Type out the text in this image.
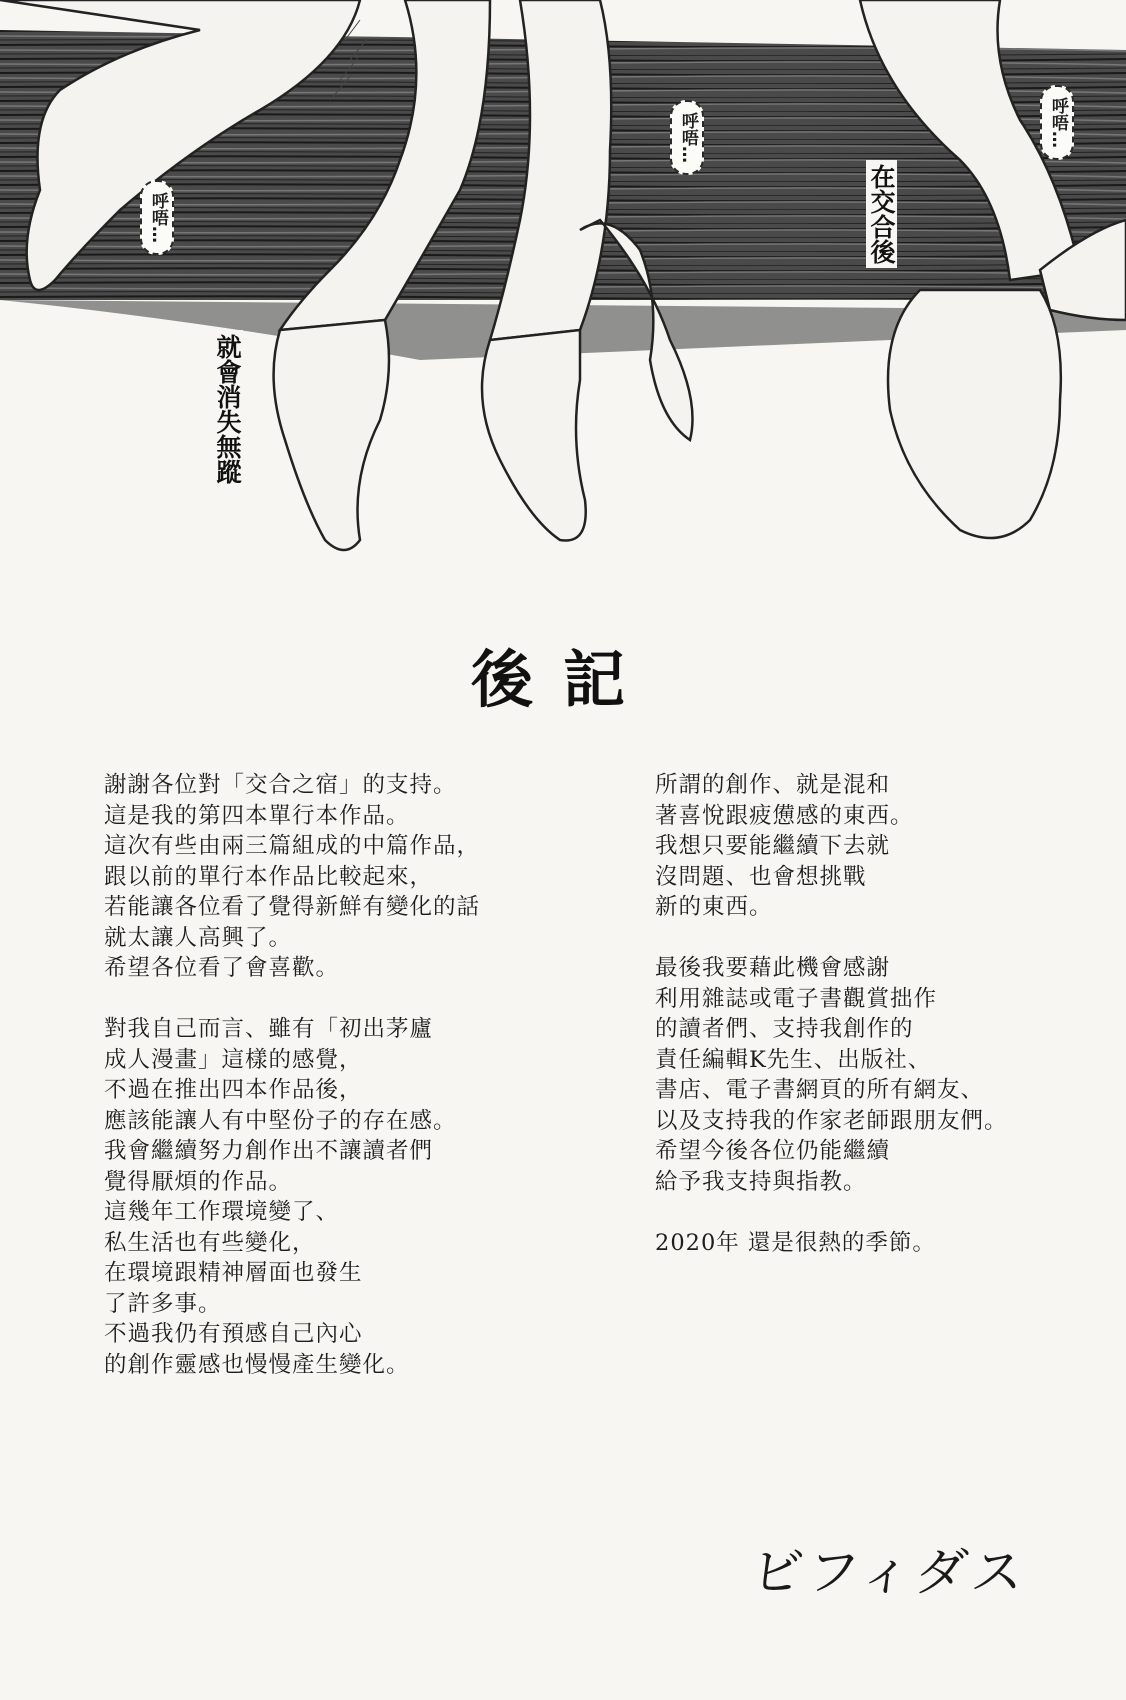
呼唔…
呼唔…	呼唔…
在交合後
就會消失無蹤
後記

謝謝各位對「交合之宿」的支持。
這是我的第四本單行本作品。
這次有些由兩三篇組成的中篇作品，
跟以前的單行本作品比較起來，
若能讓各位看了覺得新鮮有變化的話
就太讓人高興了。
希望各位看了會喜歡。

對我自己而言、雖有「初出茅廬
成人漫畫」這樣的感覺，
不過在推出四本作品後，
應該能讓人有中堅份子的存在感。
我會繼續努力創作出不讓讀者們
覺得厭煩的作品。
這幾年工作環境變了、
私生活也有些變化，
在環境跟精神層面也發生
了許多事。
不過我仍有預感自己內心
的創作靈感也慢慢產生變化。

所謂的創作、就是混和
著喜悅跟疲憊感的東西。
我想只要能繼續下去就
沒問題、也會想挑戰
新的東西。

最後我要藉此機會感謝
利用雜誌或電子書觀賞拙作
的讀者們、支持我創作的
責任編輯K先生、出版社、
書店、電子書網頁的所有網友、
以及支持我的作家老師跟朋友們。
希望今後各位仍能繼續
給予我支持與指教。

2020年 還是很熱的季節。

ビフィダス
